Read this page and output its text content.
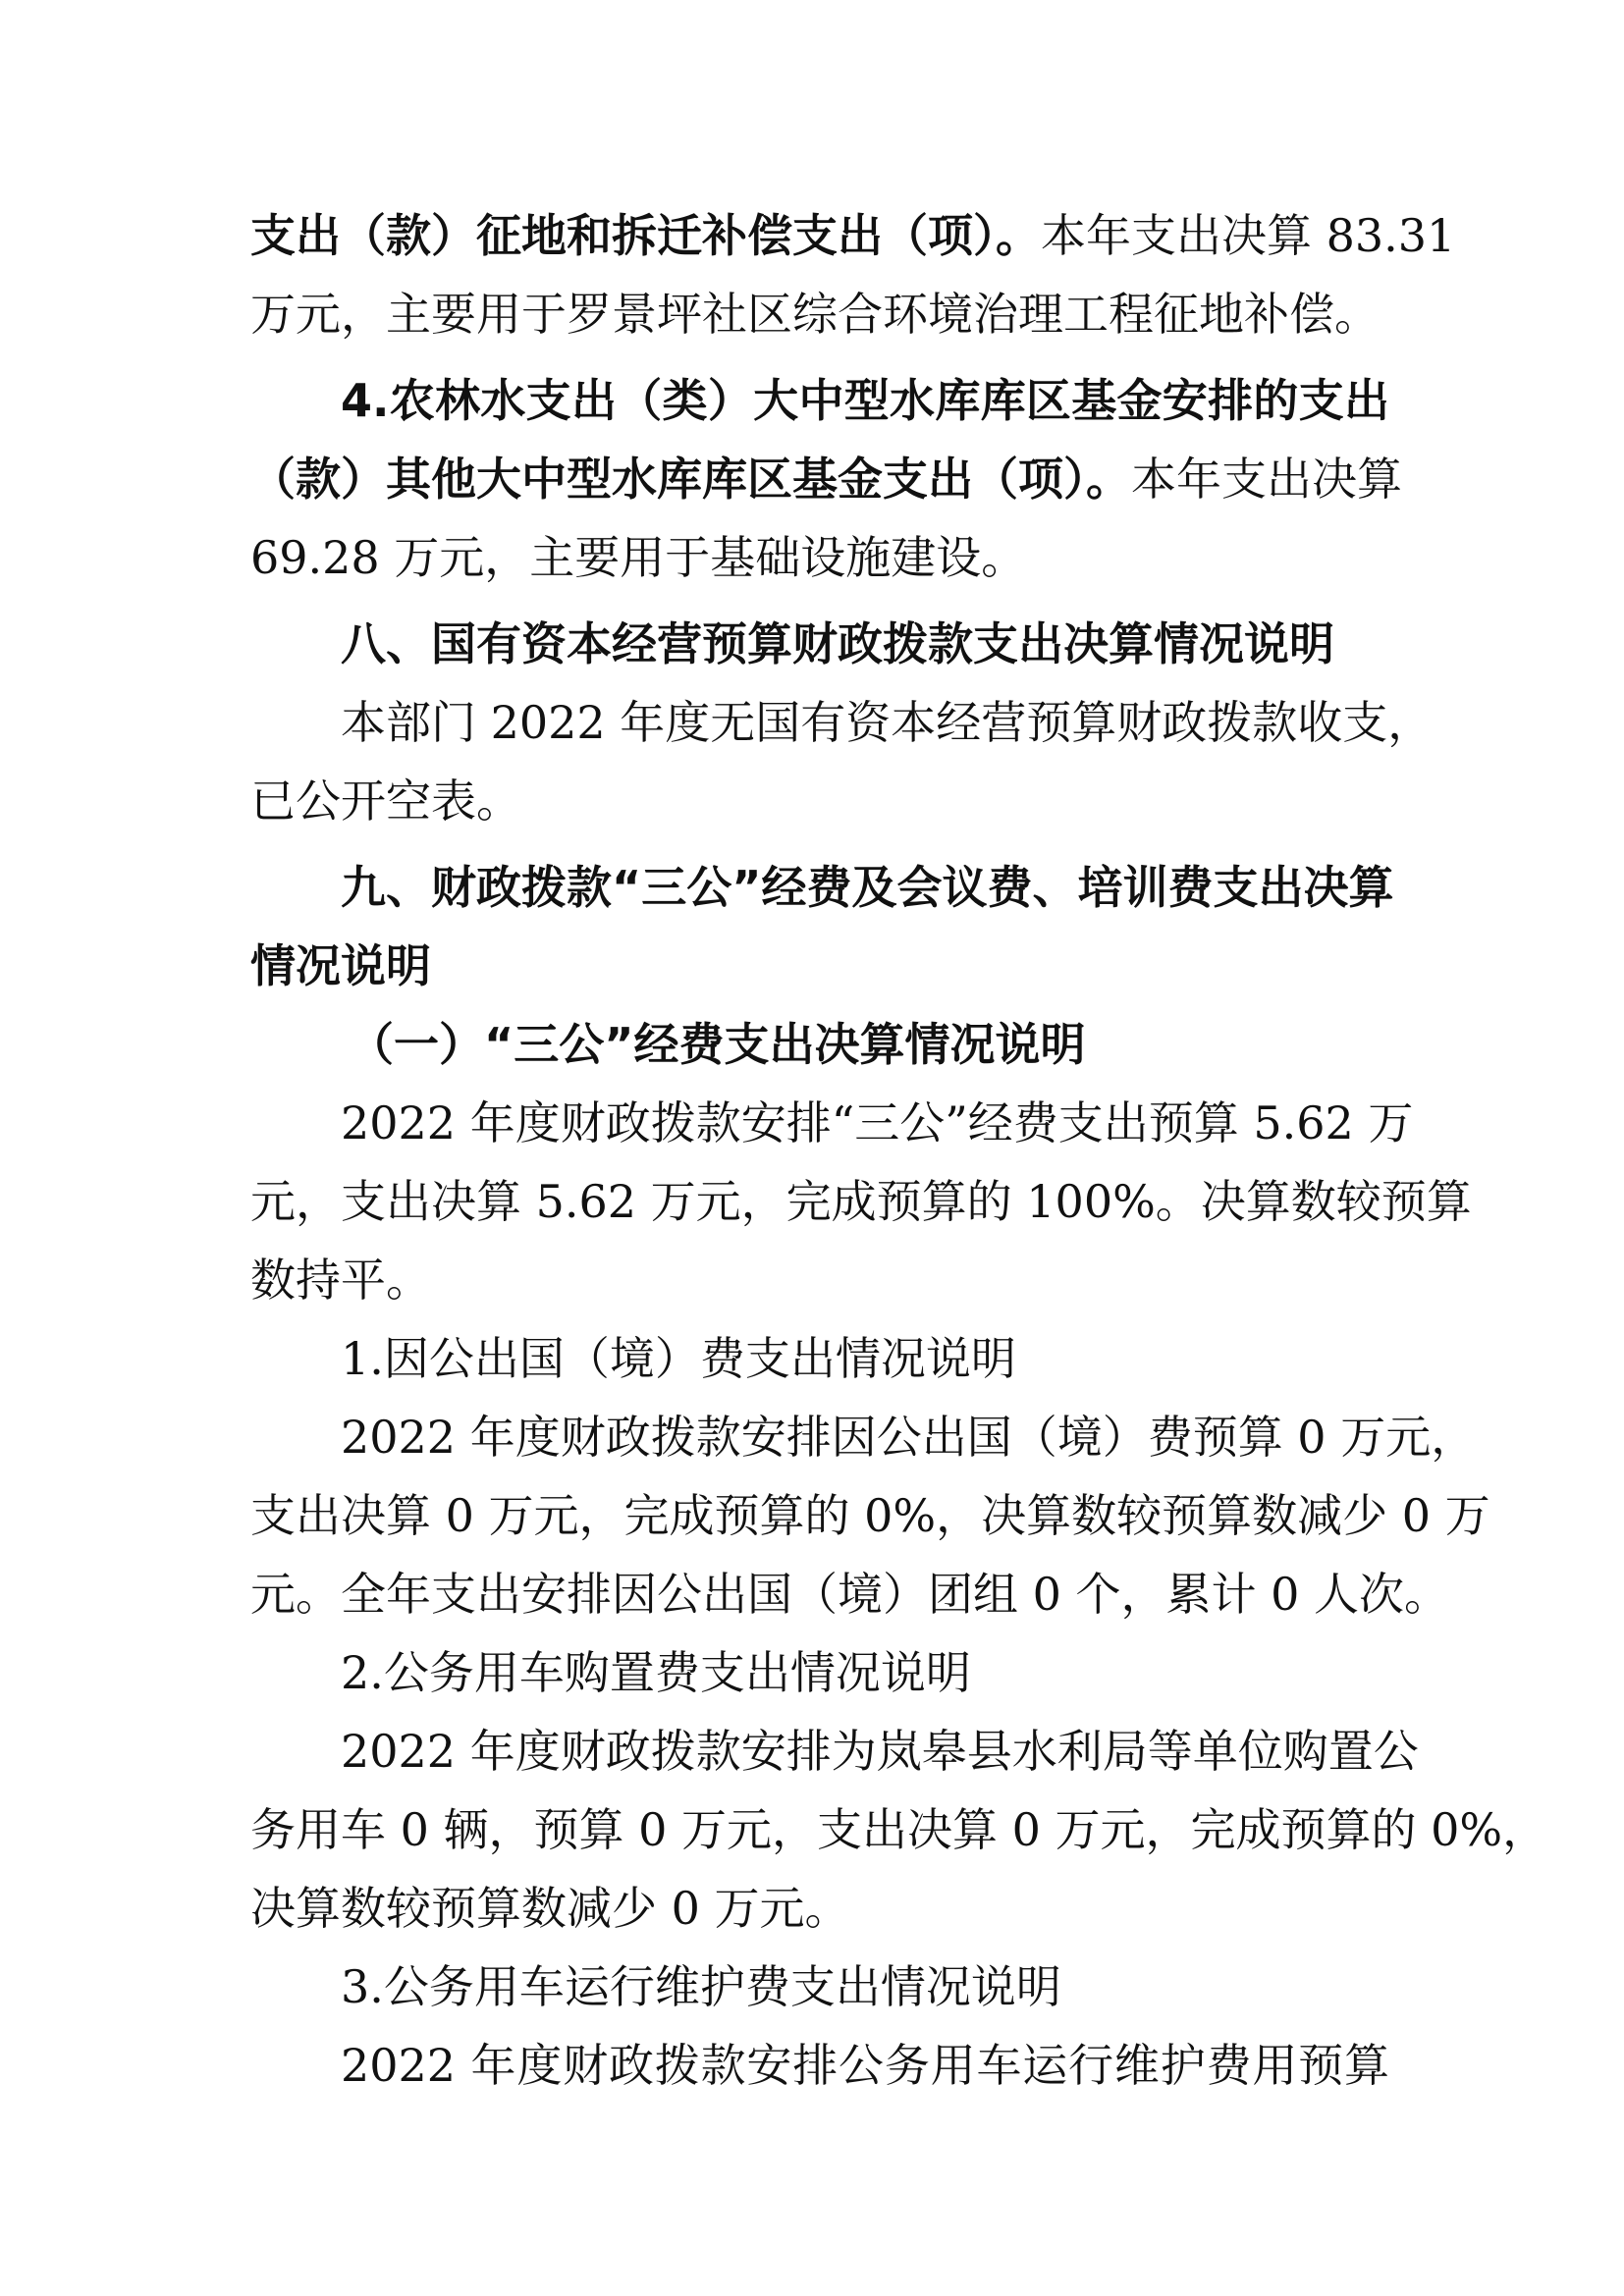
支出（款）征地和拆迁补偿支出（项）。本年支出决算 83.31
万元，主要用于罗景坪社区综合环境治理工程征地补偿。
4.农林水支出（类）大中型水库库区基金安排的支出
（款）其他大中型水库库区基金支出（项）。本年支出决算
69.28 万元，主要用于基础设施建设。
八、国有资本经营预算财政拨款支出决算情况说明
本部门 2022 年度无国有资本经营预算财政拨款收支，
已公开空表。
九、财政拨款“三公”经费及会议费、培训费支出决算
情况说明
（一）“三公”经费支出决算情况说明
2022 年度财政拨款安排“三公”经费支出预算 5.62 万
元，支出决算 5.62 万元，完成预算的 100%。决算数较预算
数持平。
1.因公出国（境）费支出情况说明
2022 年度财政拨款安排因公出国（境）费预算 0 万元，
支出决算 0 万元，完成预算的 0%，决算数较预算数减少 0 万
元。全年支出安排因公出国（境）团组 0 个，累计 0 人次。
2.公务用车购置费支出情况说明
2022 年度财政拨款安排为岚皋县水利局等单位购置公
务用车 0 辆，预算 0 万元，支出决算 0 万元，完成预算的 0%，
决算数较预算数减少 0 万元。
3.公务用车运行维护费支出情况说明
2022 年度财政拨款安排公务用车运行维护费用预算
